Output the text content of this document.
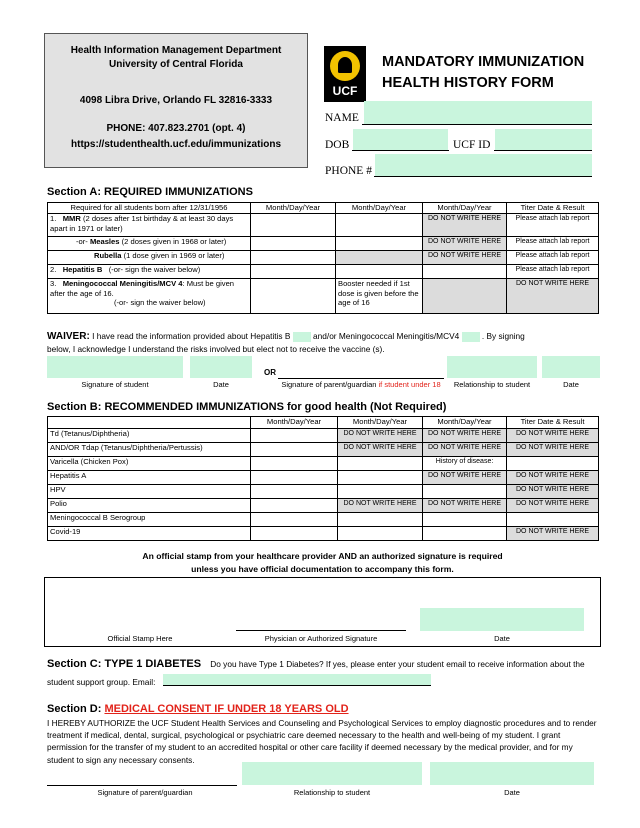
Health Information Management Department
University of Central Florida
4098 Libra Drive, Orlando FL 32816-3333
PHONE: 407.823.2701 (opt. 4)
https://studenthealth.ucf.edu/immunizations
UCF
MANDATORY IMMUNIZATION
HEALTH HISTORY FORM
NAME
DOB	UCF ID
PHONE #
Section A: REQUIRED IMMUNIZATIONS
Required for all students born after 12/31/1956	Month/Day/Year	Month/Day/Year	Month/Day/Year	Titer Date & Result
1. MMR (2 doses after 1st birthday & at least 30 days apart in 1971 or later)			DO NOT WRITE HERE	Please attach lab report
-or- Measles (2 doses given in 1968 or later)			DO NOT WRITE HERE	Please attach lab report
Rubella (1 dose given in 1969 or later)			DO NOT WRITE HERE	Please attach lab report
2. Hepatitis B (-or- sign the waiver below)				Please attach lab report
3. Meningococcal Meningitis/MCV 4: Must be given after the age of 16.
(-or- sign the waiver below)		Booster needed if 1st dose is given before the age of 16		DO NOT WRITE HERE
WAIVER: I have read the information provided about Hepatitis B	and/or Meningococcal Meningitis/MCV4	. By signing
below, I acknowledge I understand the risks involved but elect not to receive the vaccine (s).
OR
Signature of student	Date	Signature of parent/guardian if student under 18	Relationship to student	Date
Section B: RECOMMENDED IMMUNIZATIONS for good health (Not Required)
	Month/Day/Year	Month/Day/Year	Month/Day/Year	Titer Date & Result
Td (Tetanus/Diphtheria)		DO NOT WRITE HERE	DO NOT WRITE HERE	DO NOT WRITE HERE
AND/OR Tdap (Tetanus/Diphtheria/Pertussis)		DO NOT WRITE HERE	DO NOT WRITE HERE	DO NOT WRITE HERE
Varicella (Chicken Pox)			History of disease:	
Hepatitis A			DO NOT WRITE HERE	DO NOT WRITE HERE
HPV				DO NOT WRITE HERE
Polio		DO NOT WRITE HERE	DO NOT WRITE HERE	DO NOT WRITE HERE
Meningococcal B Serogroup				
Covid-19				DO NOT WRITE HERE
An official stamp from your healthcare provider AND an authorized signature is required
unless you have official documentation to accompany this form.
Official Stamp Here	Physician or Authorized Signature	Date
Section C: TYPE 1 DIABETES Do you have Type 1 Diabetes? If yes, please enter your student email to receive information about the
student support group. Email:
Section D: MEDICAL CONSENT IF UNDER 18 YEARS OLD
I HEREBY AUTHORIZE the UCF Student Health Services and Counseling and Psychological Services to employ diagnostic procedures and to render
treatment if medical, dental, surgical, psychological or psychiatric care deemed necessary to the health and well-being of my student. I grant
permission for the transfer of my student to an accredited hospital or other care facility if deemed necessary by the medical provider, and for my
student to sign any necessary consents.
Signature of parent/guardian	Relationship to student	Date
